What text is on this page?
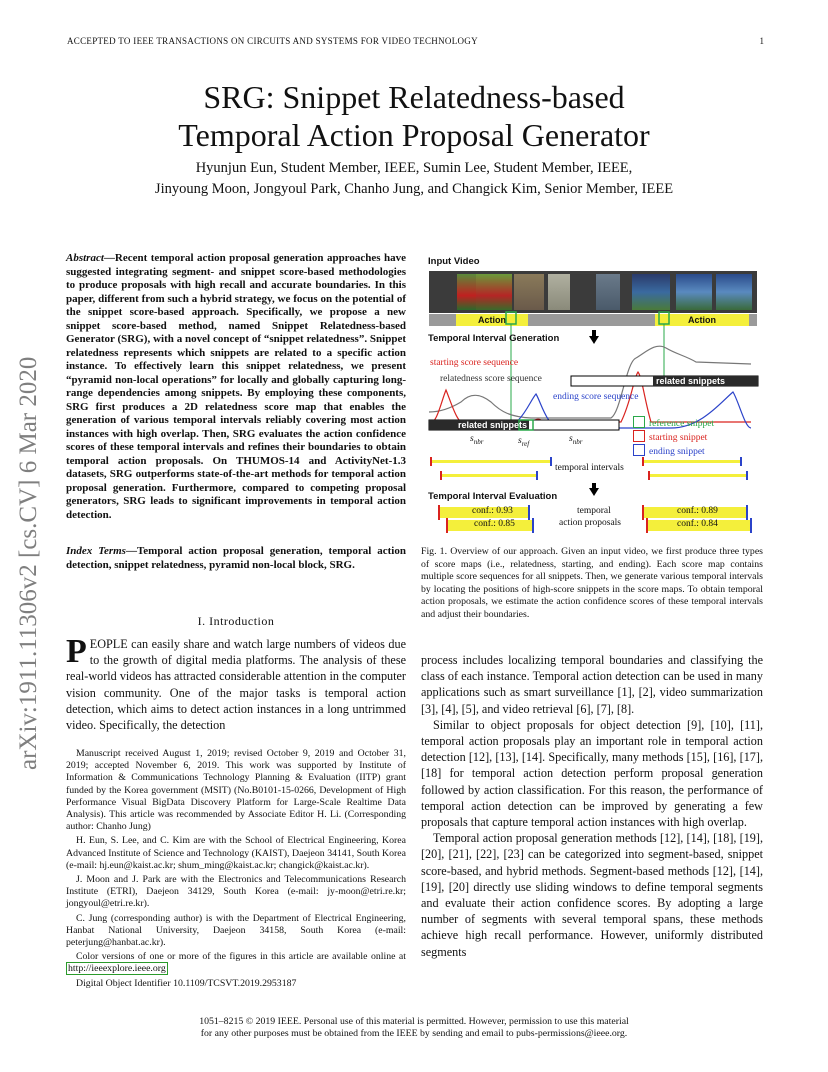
ACCEPTED TO IEEE TRANSACTIONS ON CIRCUITS AND SYSTEMS FOR VIDEO TECHNOLOGY	1
arXiv:1911.11306v2 [cs.CV] 6 Mar 2020
SRG: Snippet Relatedness-based
Temporal Action Proposal Generator
Hyunjun Eun, Student Member, IEEE, Sumin Lee, Student Member, IEEE,
Jinyoung Moon, Jongyoul Park, Chanho Jung, and Changick Kim, Senior Member, IEEE
Abstract—Recent temporal action proposal generation approaches have suggested integrating segment- and snippet score-based methodologies to produce proposals with high recall and accurate boundaries. In this paper, different from such a hybrid strategy, we focus on the potential of the snippet score-based approach. Specifically, we propose a new snippet score-based method, named Snippet Relatedness-based Generator (SRG), with a novel concept of “snippet relatedness”. Snippet relatedness represents which snippets are related to a specific action instance. To effectively learn this snippet relatedness, we present “pyramid non-local operations” for locally and globally capturing long-range dependencies among snippets. By employing these components, SRG first produces a 2D relatedness score map that enables the generation of various temporal intervals reliably covering most action instances with high overlap. Then, SRG evaluates the action confidence scores of these temporal intervals and refines their boundaries to obtain temporal action proposals. On THUMOS-14 and ActivityNet-1.3 datasets, SRG outperforms state-of-the-art methods for temporal action proposal generation. Furthermore, compared to competing proposal generators, SRG leads to significant improvements in temporal action detection.
Index Terms—Temporal action proposal generation, temporal action detection, snippet relatedness, pyramid non-local block, SRG.
I. Introduction
PEOPLE can easily share and watch large numbers of videos due to the growth of digital media platforms. The analysis of these real-world videos has attracted considerable attention in the computer vision community. One of the major tasks is temporal action detection, which aims to detect action instances in a long untrimmed video. Specifically, the detection

Manuscript received August 1, 2019; revised October 9, 2019 and October 31, 2019; accepted November 6, 2019. This work was supported by Institute of Information & Communications Technology Planning & Evaluation (IITP) grant funded by the Korea government (MSIT) (No.B0101-15-0266, Development of High Performance Visual BigData Discovery Platform for Large-Scale Realtime Data Analysis). This article was recommended by Associate Editor H. Li. (Corresponding author: Chanho Jung)

H. Eun, S. Lee, and C. Kim are with the School of Electrical Engineering, Korea Advanced Institute of Science and Technology (KAIST), Daejeon 34141, South Korea (e-mail: hj.eun@kaist.ac.kr; shum_ming@kaist.ac.kr; changick@kaist.ac.kr).

J. Moon and J. Park are with the Electronics and Telecommunications Research Institute (ETRI), Daejeon 34129, South Korea (e-mail: jy-moon@etri.re.kr; jongyoul@etri.re.kr).

C. Jung (corresponding author) is with the Department of Electrical Engineering, Hanbat National University, Daejeon 34158, South Korea (e-mail: peterjung@hanbat.ac.kr).

Color versions of one or more of the figures in this article are available online at http://ieeexplore.ieee.org

Digital Object Identifier 10.1109/TCSVT.2019.2953187

Input Video
Action	Action
Temporal Interval Generation
starting score sequence
relatedness score sequence
ending score sequence
related snippets
related snippets
$s_{nbr}$	$s_{ref}$	$s_{nbr}$
reference snippet
starting snippet
ending snippet
temporal intervals
Temporal Interval Evaluation
temporal
action proposals
conf.: 0.93
conf.: 0.85
conf.: 0.89
conf.: 0.84
Fig. 1. Overview of our approach. Given an input video, we first produce three types of score maps (i.e., relatedness, starting, and ending). Each score map contains multiple score sequences for all snippets. Then, we generate various temporal intervals by locating the positions of high-score snippets in the score maps. To obtain temporal action proposals, we estimate the action confidence scores of these temporal intervals and adjust their boundaries.

process includes localizing temporal boundaries and classifying the class of each instance. Temporal action detection can be used in many applications such as smart surveillance [1], [2], video summarization [3], [4], [5], and video retrieval [6], [7], [8].

Similar to object proposals for object detection [9], [10], [11], temporal action proposals play an important role in temporal action detection [12], [13], [14]. Specifically, many methods [15], [16], [17], [18] for temporal action detection perform proposal generation followed by action classification. For this reason, the performance of temporal action detection can be improved by generating a few proposals that capture temporal action instances with high overlap.

Temporal action proposal generation methods [12], [14], [18], [19], [20], [21], [22], [23] can be categorized into segment-based, snippet score-based, and hybrid methods. Segment-based methods [12], [14], [19], [20] directly use sliding windows to define temporal segments and evaluate their action confidence scores. By adopting a large number of segments with several temporal spans, these methods achieve high recall performance. However, uniformly distributed segments

1051–8215 © 2019 IEEE. Personal use of this material is permitted. However, permission to use this material
for any other purposes must be obtained from the IEEE by sending and email to pubs-permissions@ieee.org.
